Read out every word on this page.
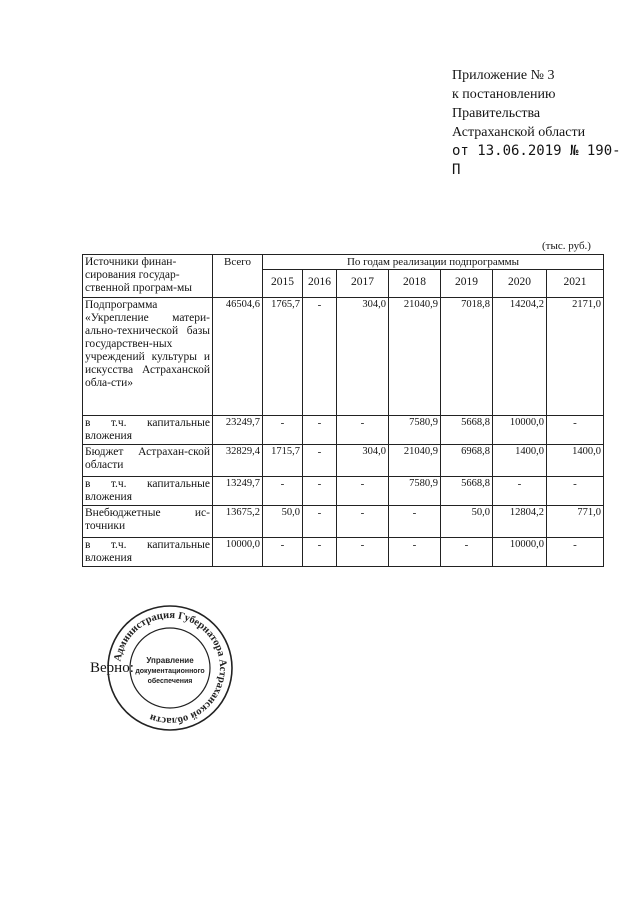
Приложение № 3
к постановлению
Правительства
Астраханской области
от 13.06.2019 № 190-П
(тыс. руб.)
Источники финан-сирования государ-ственной програм-мы	Всего	По годам реализации подпрограммы						
		2015	2016	2017	2018	2019	2020	2021
Подпрограмма «Укрепление матери-ально-технической базы государствен-ных учреждений культуры и искусства Астраханской обла-сти»	46504,6	1765,7	-	304,0	21040,9	7018,8	14204,2	2171,0
в т.ч. капитальные вложения	23249,7	-	-	-	7580,9	5668,8	10000,0	-
Бюджет Астрахан-ской области	32829,4	1715,7	-	304,0	21040,9	6968,8	1400,0	1400,0
в т.ч. капитальные вложения	13249,7	-	-	-	7580,9	5668,8	-	-
Внебюджетные ис-точники	13675,2	50,0	-	-	-	50,0	12804,2	771,0
в т.ч. капитальные вложения	10000,0	-	-	-	-	-	10000,0	-
Верно:
Администрация Губернатора Астраханской области
Управление
документационного
обеспечения
